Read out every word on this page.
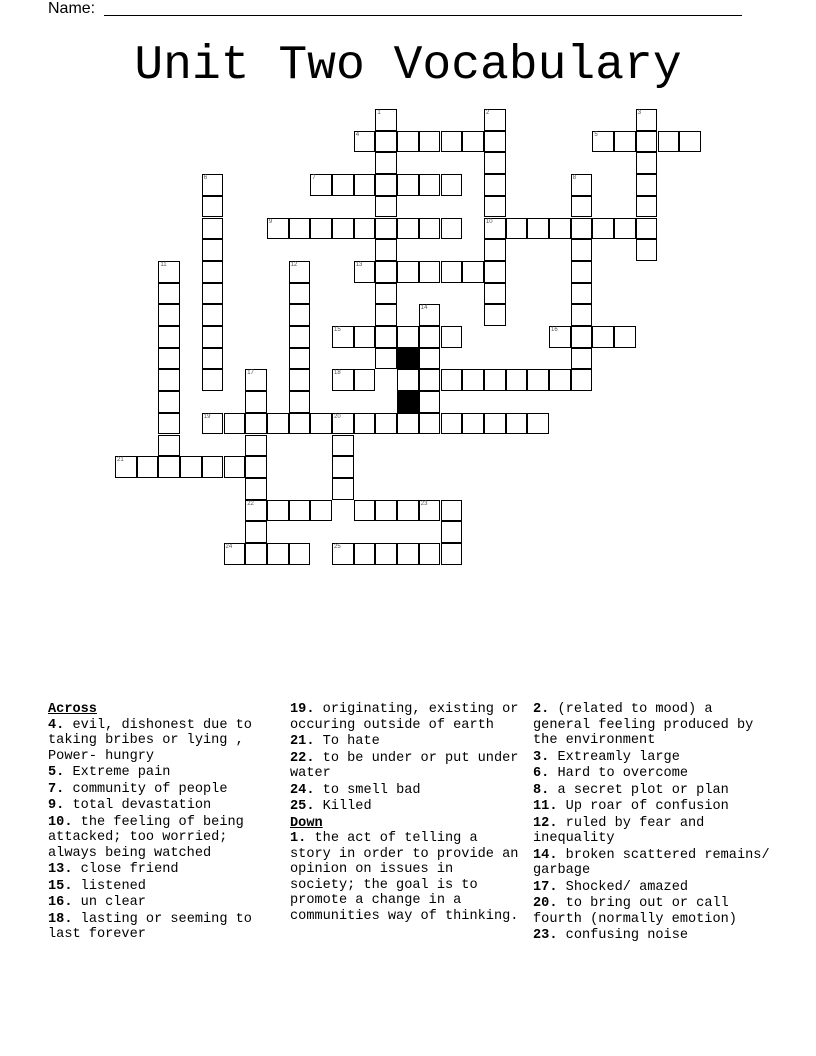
Name:
Unit Two Vocabulary
1	2
10
3
4	5
6	7	8
9
11	12	13
14
15	16
17
22
18
19	20
21
23
24	25
Across
4. evil, dishonest due to taking bribes or lying , Power- hungry
5. Extreme pain
7. community of people
9. total devastation
10. the feeling of being attacked; too worried; always being watched
13. close friend
15. listened
16. un clear
18. lasting or seeming to last forever
19. originating, existing or occuring outside of earth
21. To hate
22. to be under or put under water
24. to smell bad
25. Killed
Down
1. the act of telling a story in order to provide an opinion on issues in society; the goal is to promote a change in a communities way of thinking.
2. (related to mood) a general feeling produced by the environment
3. Extreamly large
6. Hard to overcome
8. a secret plot or plan
11. Up roar of confusion
12. ruled by fear and inequality
14. broken scattered remains/ garbage
17. Shocked/ amazed
20. to bring out or call fourth (normally emotion)
23. confusing noise
